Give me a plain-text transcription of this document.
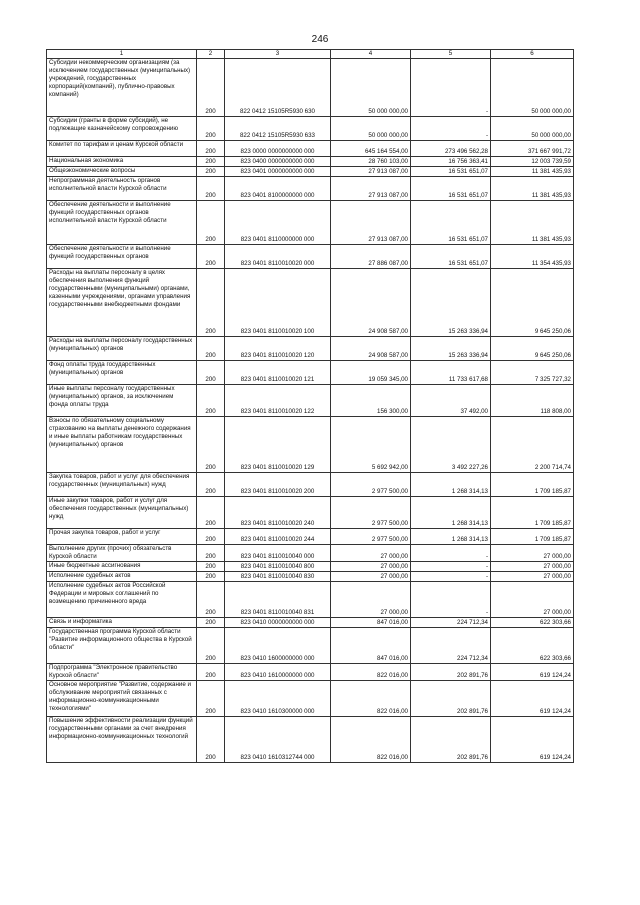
246
1	2	3	4	5	6
Субсидии некоммерческим организациям (за исключением государственных (муниципальных) учреждений, государственных корпораций(компаний), публично-правовых компаний)	200	822 0412 15105R5930 630	50 000 000,00	-	50 000 000,00
Субсидии (гранты в форме субсидий), не подлежащие казначейскому сопровождению	200	822 0412 15105R5930 633	50 000 000,00	-	50 000 000,00
Комитет по тарифам и ценам Курской области	200	823 0000 0000000000 000	645 164 554,00	273 496 562,28	371 667 991,72
Национальная экономика	200	823 0400 0000000000 000	28 760 103,00	16 756 363,41	12 003 739,59
Общеэкономические вопросы	200	823 0401 0000000000 000	27 913 087,00	16 531 651,07	11 381 435,93
Непрограммная деятельность органов исполнительной власти Курской области	200	823 0401 8100000000 000	27 913 087,00	16 531 651,07	11 381 435,93
Обеспечение деятельности и выполнение функций государственных органов исполнительной власти Курской области	200	823 0401 8110000000 000	27 913 087,00	16 531 651,07	11 381 435,93
Обеспечение деятельности и выполнение функций государственных органов	200	823 0401 8110010020 000	27 886 087,00	16 531 651,07	11 354 435,93
Расходы на выплаты персоналу в целях обеспечения выполнения функций государственными (муниципальными) органами, казенными учреждениями, органами управления государственными внебюджетными фондами	200	823 0401 8110010020 100	24 908 587,00	15 263 336,94	9 645 250,06
Расходы на выплаты персоналу государственных (муниципальных) органов	200	823 0401 8110010020 120	24 908 587,00	15 263 336,94	9 645 250,06
Фонд оплаты труда государственных (муниципальных) органов	200	823 0401 8110010020 121	19 059 345,00	11 733 617,68	7 325 727,32
Иные выплаты персоналу государственных (муниципальных) органов, за исключением фонда оплаты труда	200	823 0401 8110010020 122	156 300,00	37 492,00	118 808,00
Взносы по обязательному социальному страхованию на выплаты денежного содержания и иные выплаты работникам государственных (муниципальных) органов	200	823 0401 8110010020 129	5 692 942,00	3 492 227,26	2 200 714,74
Закупка товаров, работ и услуг для обеспечения государственных (муниципальных) нужд	200	823 0401 8110010020 200	2 977 500,00	1 268 314,13	1 709 185,87
Иные закупки товаров, работ и услуг для обеспечения государственных (муниципальных) нужд	200	823 0401 8110010020 240	2 977 500,00	1 268 314,13	1 709 185,87
Прочая закупка товаров, работ и услуг	200	823 0401 8110010020 244	2 977 500,00	1 268 314,13	1 709 185,87
Выполнение других (прочих) обязательств Курской области	200	823 0401 8110010040 000	27 000,00	-	27 000,00
Иные бюджетные ассигнования	200	823 0401 8110010040 800	27 000,00	-	27 000,00
Исполнение судебных актов	200	823 0401 8110010040 830	27 000,00	-	27 000,00
Исполнение судебных актов Российской Федерации и мировых соглашений по возмещению причиненного вреда	200	823 0401 8110010040 831	27 000,00	-	27 000,00
Связь и информатика	200	823 0410 0000000000 000	847 016,00	224 712,34	622 303,66
Государственная программа Курской области "Развитие информационного общества в Курской области"	200	823 0410 1600000000 000	847 016,00	224 712,34	622 303,66
Подпрограмма "Электронное правительство Курской области"	200	823 0410 1610000000 000	822 016,00	202 891,76	619 124,24
Основное мероприятие "Развитие, содержание и обслуживание мероприятий связанных с информационно-коммуникационными технологиями"	200	823 0410 1610300000 000	822 016,00	202 891,76	619 124,24
Повышение эффективности реализации функций государственными органами за счет внедрения информационно-коммуникационных технологий	200	823 0410 1610312744 000	822 016,00	202 891,76	619 124,24
